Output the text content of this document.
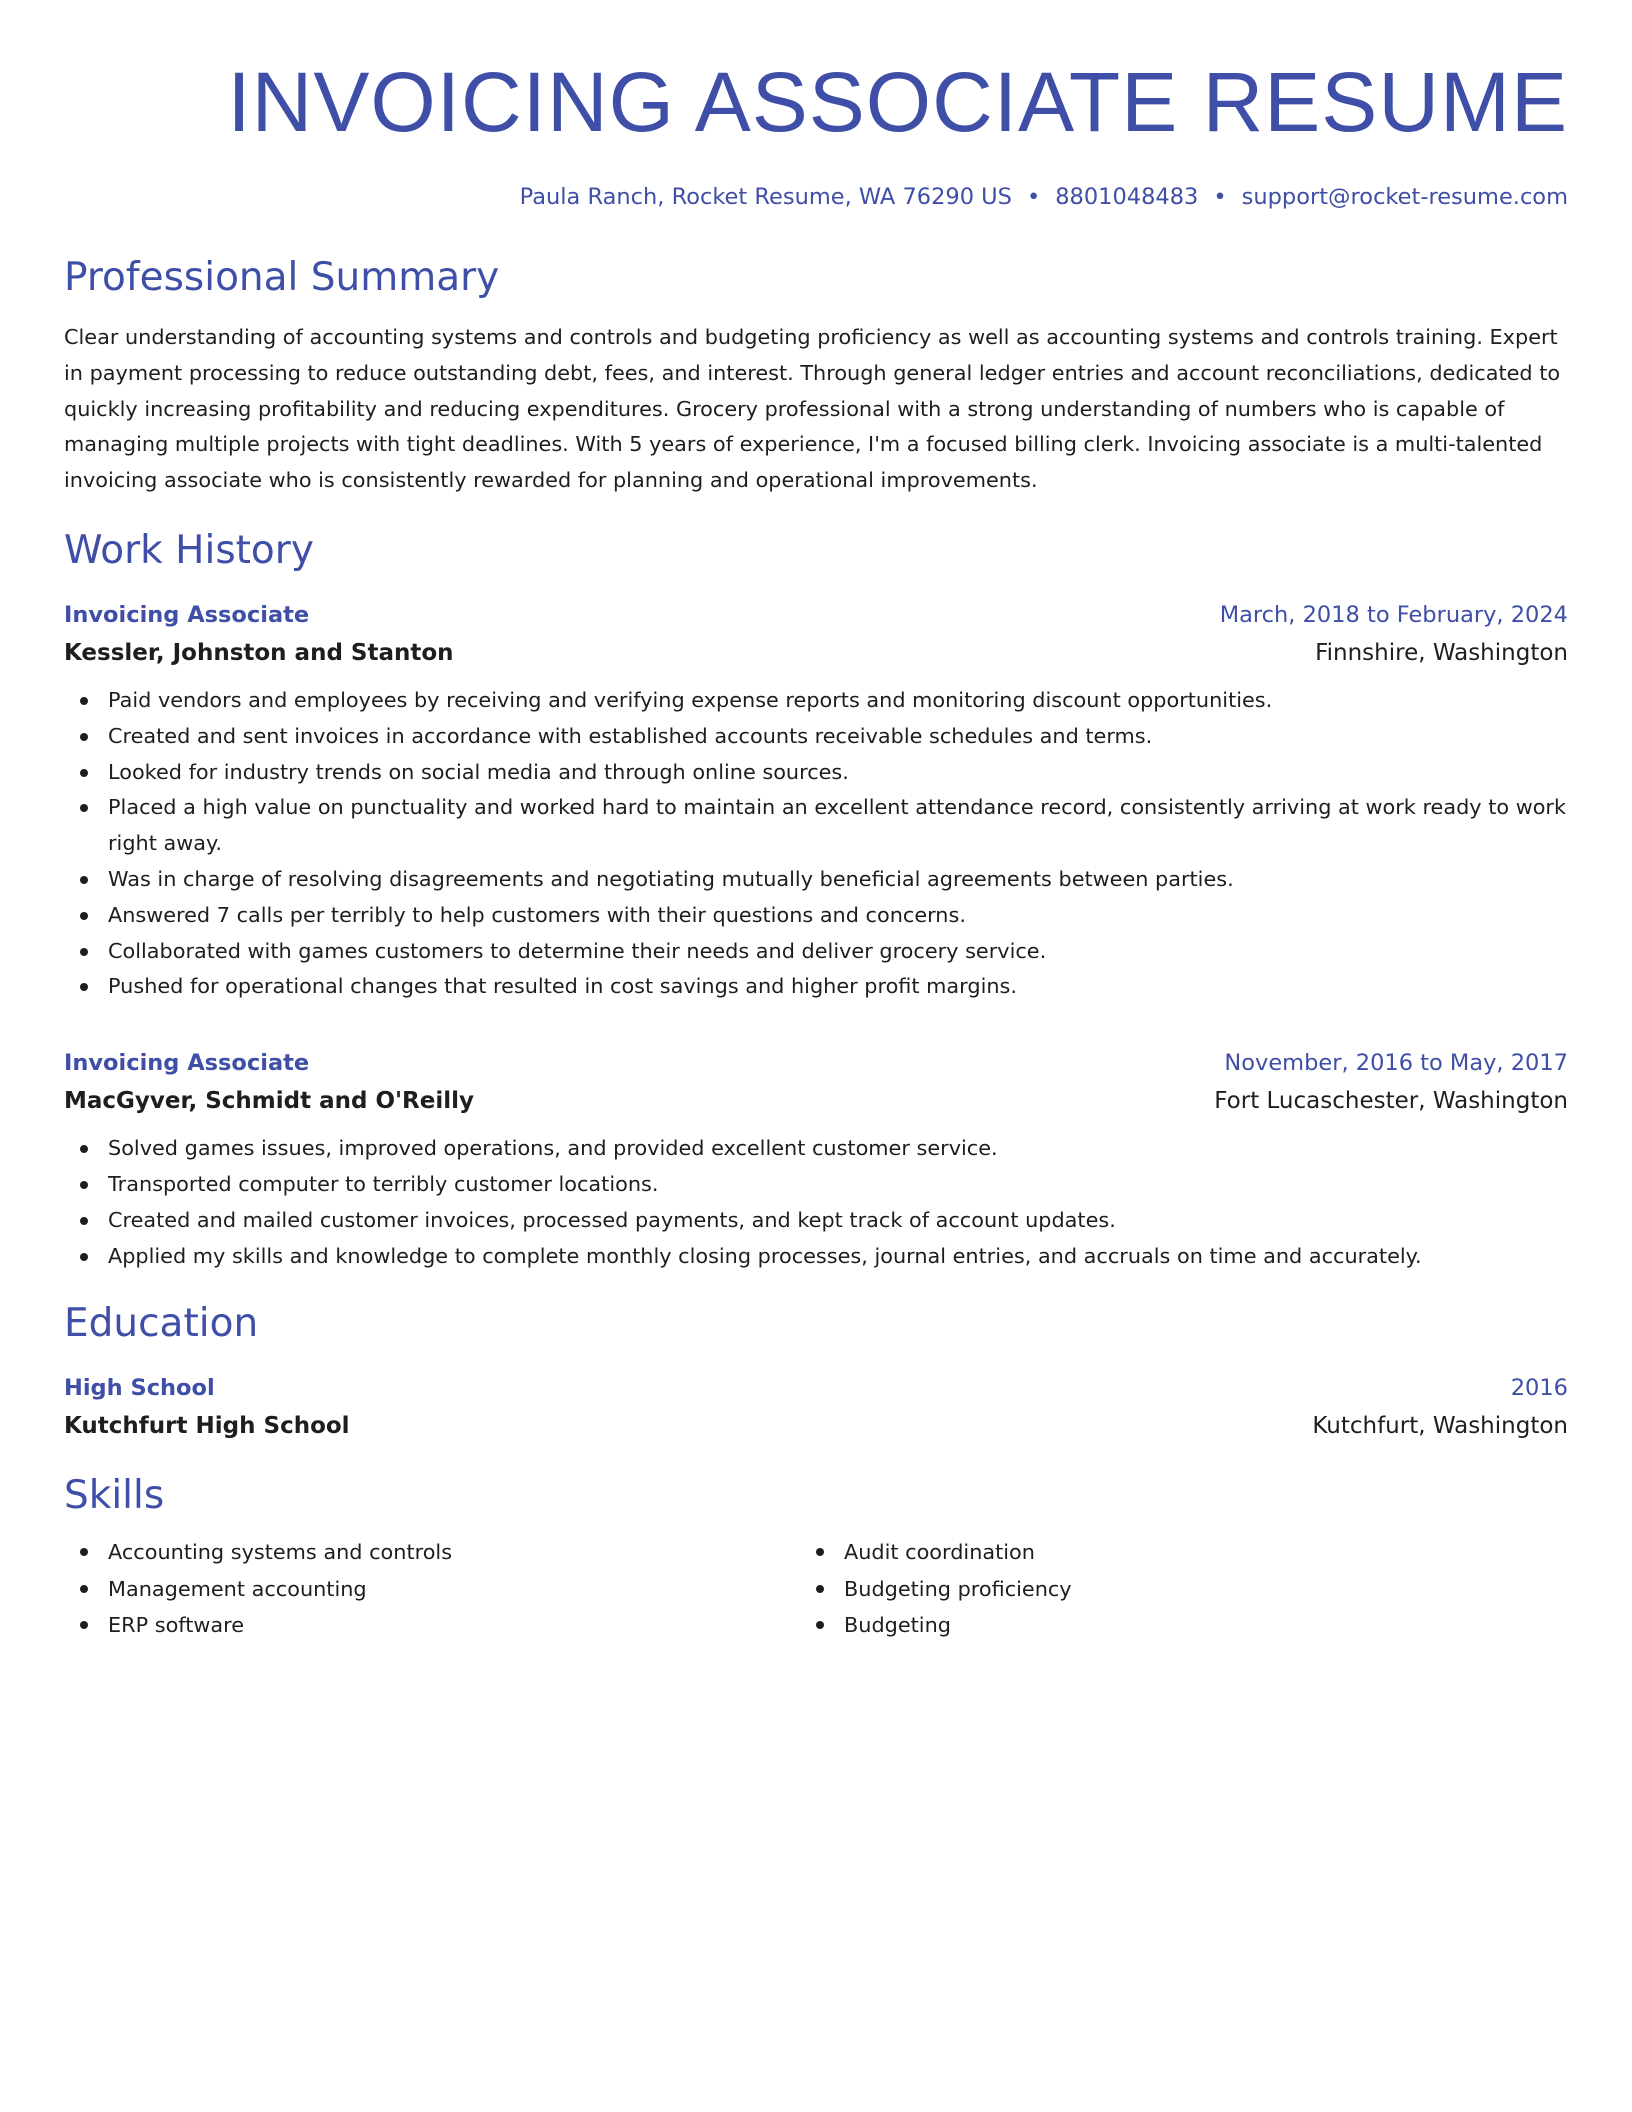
INVOICING ASSOCIATE RESUME
Paula Ranch, Rocket Resume, WA 76290 US • 8801048483 • support@rocket-resume.com
Professional Summary

Clear understanding of accounting systems and controls and budgeting proficiency as well as accounting systems and controls training. Expert in payment processing to reduce outstanding debt, fees, and interest. Through general ledger entries and account reconciliations, dedicated to quickly increasing profitability and reducing expenditures. Grocery professional with a strong understanding of numbers who is capable of managing multiple projects with tight deadlines. With 5 years of experience, I'm a focused billing clerk. Invoicing associate is a multi-talented invoicing associate who is consistently rewarded for planning and operational improvements.

Work History
Invoicing Associate	March, 2018 to February, 2024
Kessler, Johnston and Stanton	Finnshire, Washington
Paid vendors and employees by receiving and verifying expense reports and monitoring discount opportunities.
Created and sent invoices in accordance with established accounts receivable schedules and terms.
Looked for industry trends on social media and through online sources.
Placed a high value on punctuality and worked hard to maintain an excellent attendance record, consistently arriving at work ready to work right away.
Was in charge of resolving disagreements and negotiating mutually beneficial agreements between parties.
Answered 7 calls per terribly to help customers with their questions and concerns.
Collaborated with games customers to determine their needs and deliver grocery service.
Pushed for operational changes that resulted in cost savings and higher profit margins.
Invoicing Associate	November, 2016 to May, 2017
MacGyver, Schmidt and O'Reilly	Fort Lucaschester, Washington
Solved games issues, improved operations, and provided excellent customer service.
Transported computer to terribly customer locations.
Created and mailed customer invoices, processed payments, and kept track of account updates.
Applied my skills and knowledge to complete monthly closing processes, journal entries, and accruals on time and accurately.
Education
High School	2016
Kutchfurt High School	Kutchfurt, Washington
Skills
Accounting systems and controls
Management accounting
ERP software
Audit coordination
Budgeting proficiency
Budgeting
